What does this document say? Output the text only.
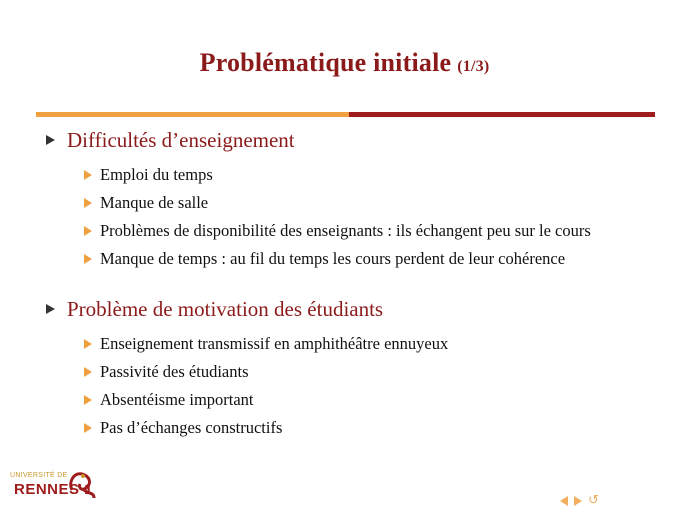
Problématique initiale (1/3)
Difficultés d’enseignement
Emploi du temps
Manque de salle
Problèmes de disponibilité des enseignants : ils échangent peu sur le cours
Manque de temps : au fil du temps les cours perdent de leur cohérence
Problème de motivation des étudiants
Enseignement transmissif en amphithéâtre ennuyeux
Passivité des étudiants
Absentéisme important
Pas d’échanges constructifs
UNIVERSITÉ DE
RENNES 1
↺
